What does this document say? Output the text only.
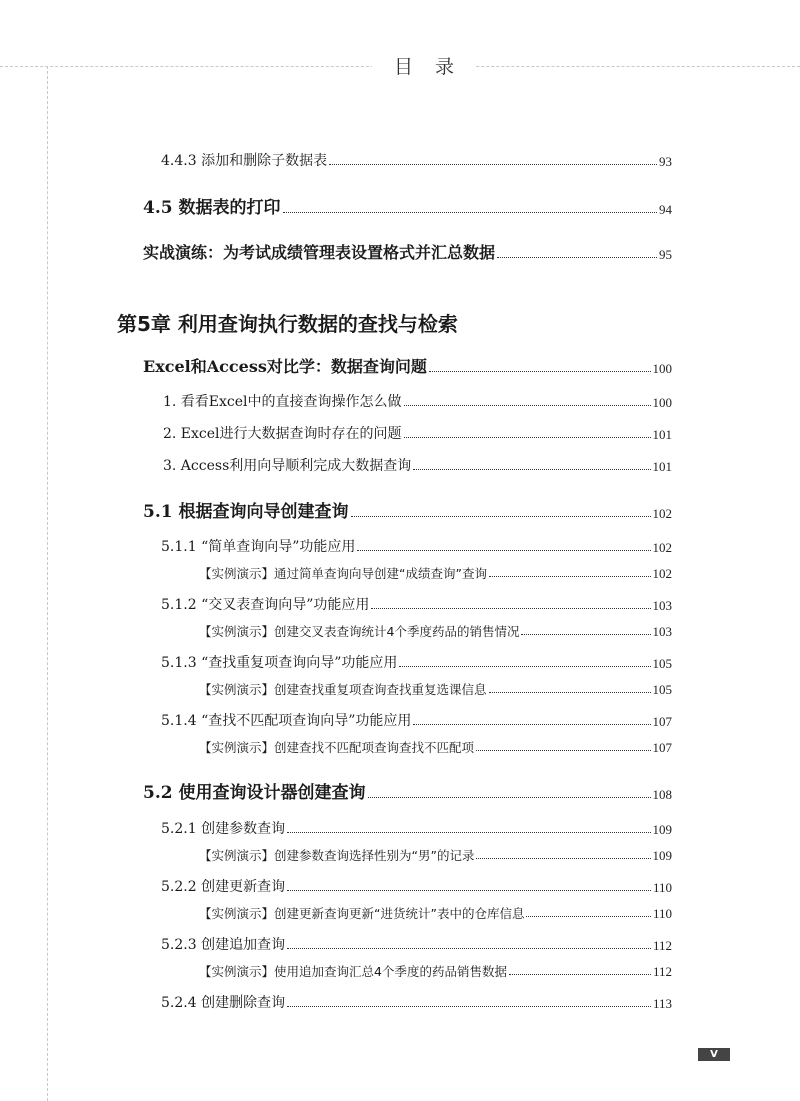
目录
4.4.3 添加和删除子数据表	93
4.5 数据表的打印	94
实战演练：为考试成绩管理表设置格式并汇总数据	95
第5章 利用查询执行数据的查找与检索
Excel和Access对比学：数据查询问题	100
1. 看看Excel中的直接查询操作怎么做	100
2. Excel进行大数据查询时存在的问题	101
3. Access利用向导顺利完成大数据查询	101
5.1 根据查询向导创建查询	102
5.1.1 “简单查询向导”功能应用	102
【实例演示】通过简单查询向导创建“成绩查询”查询	102
5.1.2 “交叉表查询向导”功能应用	103
【实例演示】创建交叉表查询统计4个季度药品的销售情况	103
5.1.3 “查找重复项查询向导”功能应用	105
【实例演示】创建查找重复项查询查找重复选课信息	105
5.1.4 “查找不匹配项查询向导”功能应用	107
【实例演示】创建查找不匹配项查询查找不匹配项	107
5.2 使用查询设计器创建查询	108
5.2.1 创建参数查询	109
【实例演示】创建参数查询选择性别为“男”的记录	109
5.2.2 创建更新查询	110
【实例演示】创建更新查询更新“进货统计”表中的仓库信息	110
5.2.3 创建追加查询	112
【实例演示】使用追加查询汇总4个季度的药品销售数据	112
5.2.4 创建删除查询	113
V
